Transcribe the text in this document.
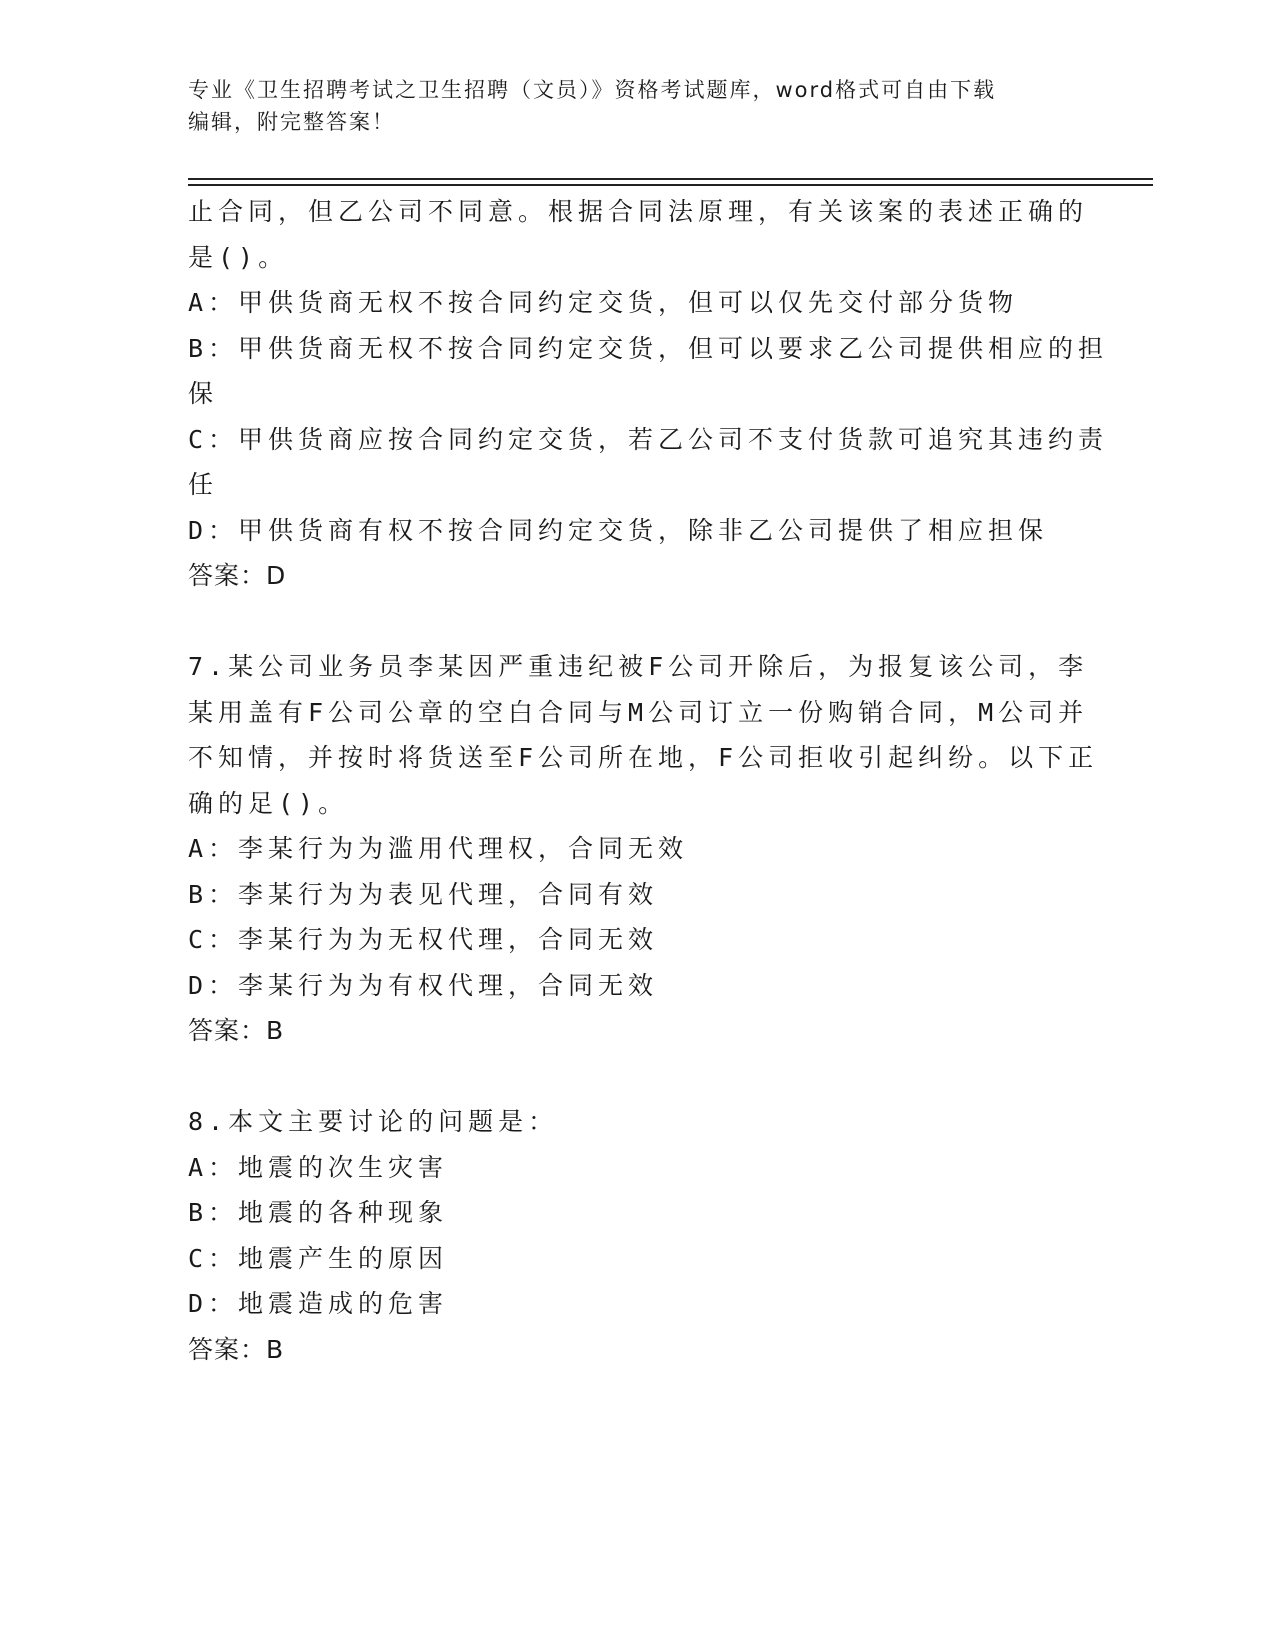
专业《卫生招聘考试之卫生招聘（文员）》资格考试题库，word格式可自由下载
编辑，附完整答案！
止合同，但乙公司不同意。根据合同法原理，有关该案的表述正确的
是()。
A：甲供货商无权不按合同约定交货，但可以仅先交付部分货物
B：甲供货商无权不按合同约定交货，但可以要求乙公司提供相应的担
保
C：甲供货商应按合同约定交货，若乙公司不支付货款可追究其违约责
任
D：甲供货商有权不按合同约定交货，除非乙公司提供了相应担保
答案：D
7.某公司业务员李某因严重违纪被F公司开除后，为报复该公司，李
某用盖有F公司公章的空白合同与M公司订立一份购销合同，M公司并
不知情，并按时将货送至F公司所在地，F公司拒收引起纠纷。以下正
确的足()。
A：李某行为为滥用代理权，合同无效
B：李某行为为表见代理，合同有效
C：李某行为为无权代理，合同无效
D：李某行为为有权代理，合同无效
答案：B
8.本文主要讨论的问题是：
A：地震的次生灾害
B：地震的各种现象
C：地震产生的原因
D：地震造成的危害
答案：B
